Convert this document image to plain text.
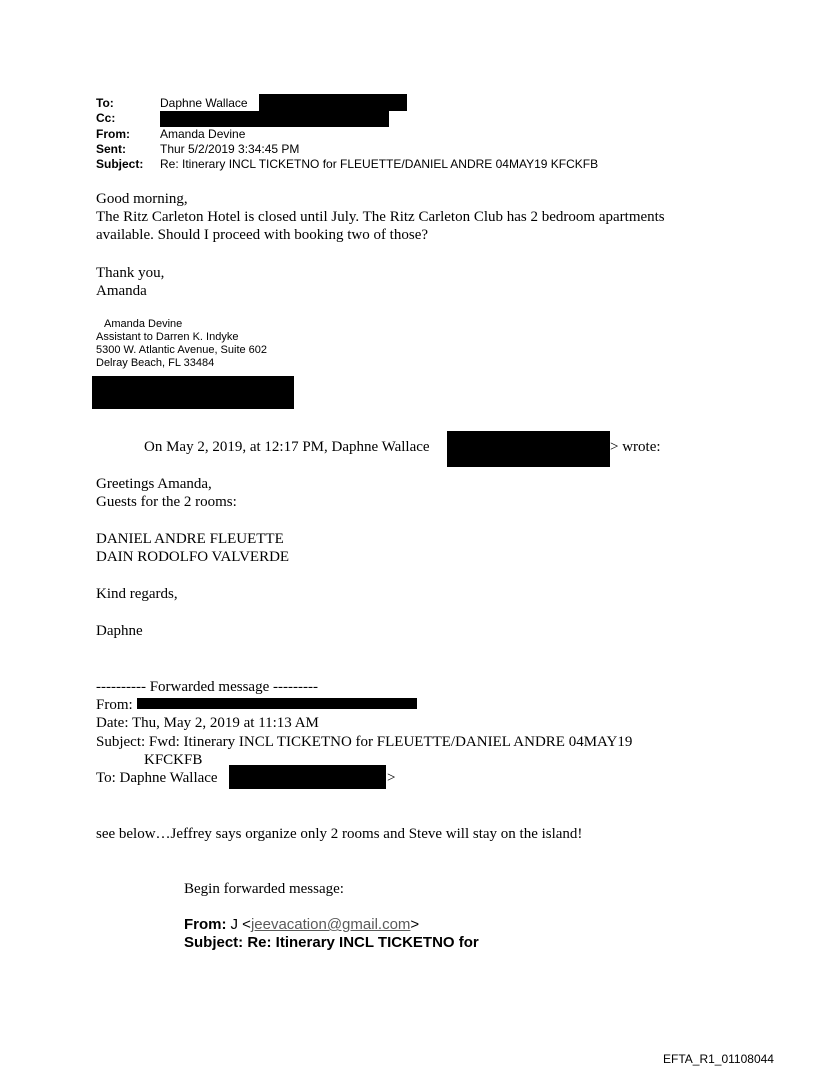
To:	Daphne Wallace
Cc:
From:	Amanda Devine
Sent:	Thur 5/2/2019 3:34:45 PM
Subject: Re: Itinerary INCL TICKETNO for FLEUETTE/DANIEL ANDRE 04MAY19 KFCKFB
Good morning,
The Ritz Carleton Hotel is closed until July. The Ritz Carleton Club has 2 bedroom apartments
available. Should I proceed with booking two of those?
Thank you,
Amanda
Amanda Devine
Assistant to Darren K. Indyke
5300 W. Atlantic Avenue, Suite 602
Delray Beach, FL 33484
On May 2, 2019, at 12:17 PM, Daphne Wallace	> wrote:
Greetings Amanda,
Guests for the 2 rooms:
DANIEL ANDRE FLEUETTE
DAIN RODOLFO VALVERDE
Kind regards,
Daphne
---------- Forwarded message ---------
From:
Date: Thu, May 2, 2019 at 11:13 AM
Subject: Fwd: Itinerary INCL TICKETNO for FLEUETTE/DANIEL ANDRE 04MAY19
KFCKFB
To: Daphne Wallace	>
see below…Jeffrey says organize only 2 rooms and Steve will stay on the island!
Begin forwarded message:
From: J <jeevacation@gmail.com>
Subject: Re: Itinerary INCL TICKETNO for
EFTA_R1_01108044
